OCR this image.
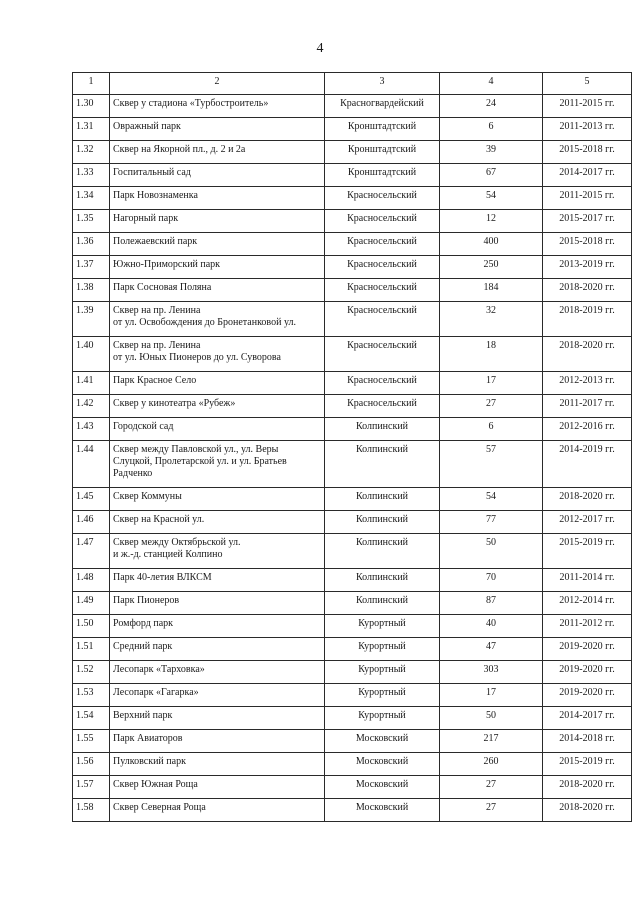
4
1	2	3	4	5
1.30	Сквер у стадиона «Турбостроитель»	Красногвардейский	24	2011-2015 гг.
1.31	Овражный парк	Кронштадтский	6	2011-2013 гг.
1.32	Сквер на Якорной пл., д. 2 и 2а	Кронштадтский	39	2015-2018 гг.
1.33	Госпитальный сад	Кронштадтский	67	2014-2017 гг.
1.34	Парк Новознаменка	Красносельский	54	2011-2015 гг.
1.35	Нагорный парк	Красносельский	12	2015-2017 гг.
1.36	Полежаевский парк	Красносельский	400	2015-2018 гг.
1.37	Южно-Приморский парк	Красносельский	250	2013-2019 гг.
1.38	Парк Сосновая Поляна	Красносельский	184	2018-2020 гг.
1.39	Сквер на пр. Ленина
от ул. Освобождения до Бронетанковой ул.	Красносельский	32	2018-2019 гг.
1.40	Сквер на пр. Ленина
от ул. Юных Пионеров до ул. Суворова	Красносельский	18	2018-2020 гг.
1.41	Парк Красное Село	Красносельский	17	2012-2013 гг.
1.42	Сквер у кинотеатра «Рубеж»	Красносельский	27	2011-2017 гг.
1.43	Городской сад	Колпинский	6	2012-2016 гг.
1.44	Сквер между Павловской ул., ул. Веры
Слуцкой, Пролетарской ул. и ул. Братьев
Радченко	Колпинский	57	2014-2019 гг.
1.45	Сквер Коммуны	Колпинский	54	2018-2020 гг.
1.46	Сквер на Красной ул.	Колпинский	77	2012-2017 гг.
1.47	Сквер между Октябрьской ул.
и ж.-д. станцией Колпино	Колпинский	50	2015-2019 гг.
1.48	Парк 40-летия ВЛКСМ	Колпинский	70	2011-2014 гг.
1.49	Парк Пионеров	Колпинский	87	2012-2014 гг.
1.50	Ромфорд парк	Курортный	40	2011-2012 гг.
1.51	Средний парк	Курортный	47	2019-2020 гг.
1.52	Лесопарк «Тарховка»	Курортный	303	2019-2020 гг.
1.53	Лесопарк «Гагарка»	Курортный	17	2019-2020 гг.
1.54	Верхний парк	Курортный	50	2014-2017 гг.
1.55	Парк Авиаторов	Московский	217	2014-2018 гг.
1.56	Пулковский парк	Московский	260	2015-2019 гг.
1.57	Сквер Южная Роща	Московский	27	2018-2020 гг.
1.58	Сквер Северная Роща	Московский	27	2018-2020 гг.
